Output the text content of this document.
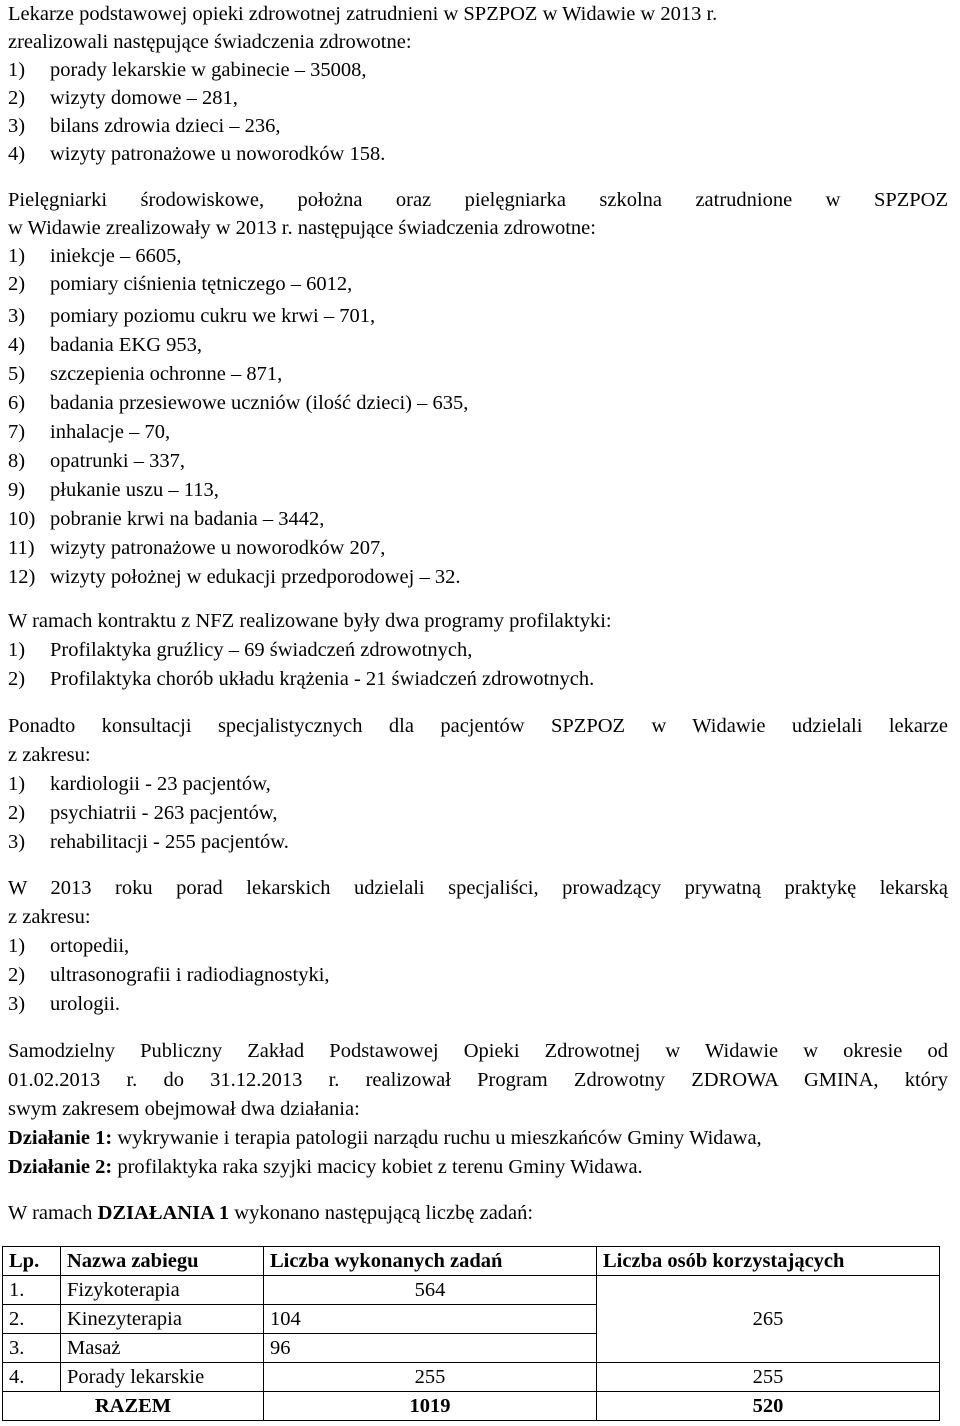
Lekarze podstawowej opieki zdrowotnej zatrudnieni w SPZPOZ w Widawie w 2013 r.
zrealizowali następujące świadczenia zdrowotne:
1) porady lekarskie w gabinecie – 35008,
2) wizyty domowe – 281,
3) bilans zdrowia dzieci – 236,
4) wizyty patronażowe u noworodków 158.
Pielęgniarki środowiskowe, położna oraz pielęgniarka szkolna zatrudnione w SPZPOZ
w Widawie zrealizowały w 2013 r. następujące świadczenia zdrowotne:
1) iniekcje – 6605,
2) pomiary ciśnienia tętniczego – 6012,
3) pomiary poziomu cukru we krwi – 701,
4) badania EKG 953,
5) szczepienia ochronne – 871,
6) badania przesiewowe uczniów (ilość dzieci) – 635,
7) inhalacje – 70,
8) opatrunki – 337,
9) płukanie uszu – 113,
10) pobranie krwi na badania – 3442,
11) wizyty patronażowe u noworodków 207,
12) wizyty położnej w edukacji przedporodowej – 32.
W ramach kontraktu z NFZ realizowane były dwa programy profilaktyki:
1) Profilaktyka gruźlicy – 69 świadczeń zdrowotnych,
2) Profilaktyka chorób układu krążenia - 21 świadczeń zdrowotnych.
Ponadto konsultacji specjalistycznych dla pacjentów SPZPOZ w Widawie udzielali lekarze
z zakresu:
1) kardiologii - 23 pacjentów,
2) psychiatrii - 263 pacjentów,
3) rehabilitacji - 255 pacjentów.
W 2013 roku porad lekarskich udzielali specjaliści, prowadzący prywatną praktykę lekarską
z zakresu:
1) ortopedii,
2) ultrasonografii i radiodiagnostyki,
3) urologii.
Samodzielny Publiczny Zakład Podstawowej Opieki Zdrowotnej w Widawie w okresie od
01.02.2013 r. do 31.12.2013 r. realizował Program Zdrowotny ZDROWA GMINA, który
swym zakresem obejmował dwa działania:
Działanie 1: wykrywanie i terapia patologii narządu ruchu u mieszkańców Gminy Widawa,
Działanie 2: profilaktyka raka szyjki macicy kobiet z terenu Gminy Widawa.
W ramach DZIAŁANIA 1 wykonano następującą liczbę zadań:
Lp.	Nazwa zabiegu	Liczba wykonanych zadań	Liczba osób korzystających
1.	Fizykoterapia	564	265
2.	Kinezyterapia	104	
3.	Masaż	96	
4.	Porady lekarskie	255	255
RAZEM		1019	520
